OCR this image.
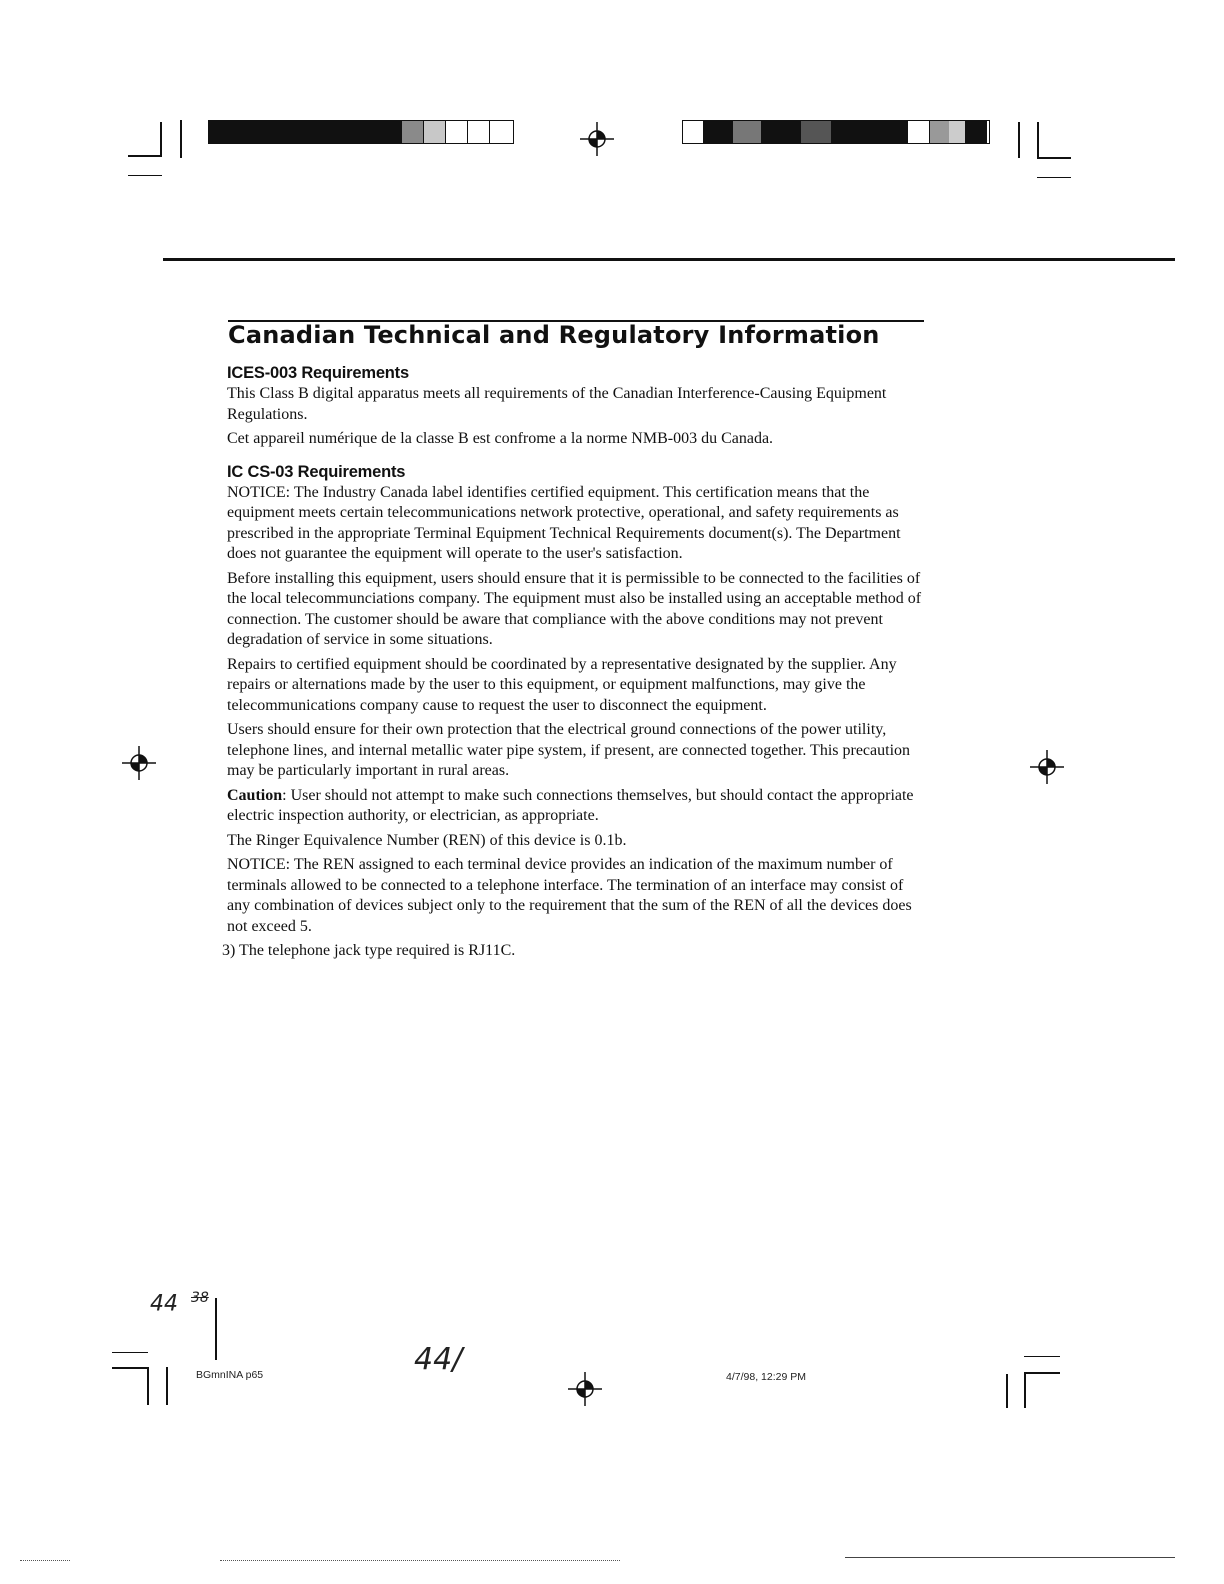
Canadian Technical and Regulatory Information
ICES-003 Requirements

This Class B digital apparatus meets all requirements of the Canadian Interference-Causing Equipment Regulations.

Cet appareil numérique de la classe B est confrome a la norme NMB-003 du Canada.

IC CS-03 Requirements

NOTICE: The Industry Canada label identifies certified equipment. This certification means that the equipment meets certain telecommunications network protective, operational, and safety requirements as prescribed in the appropriate Terminal Equipment Technical Requirements document(s). The Department does not guarantee the equipment will operate to the user's satisfaction.

Before installing this equipment, users should ensure that it is permissible to be connected to the facilities of the local telecommunciations company. The equipment must also be installed using an acceptable method of connection. The customer should be aware that compliance with the above conditions may not prevent degradation of service in some situations.

Repairs to certified equipment should be coordinated by a representative designated by the supplier. Any repairs or alternations made by the user to this equipment, or equipment malfunctions, may give the telecommunications company cause to request the user to disconnect the equipment.

Users should ensure for their own protection that the electrical ground connections of the power utility, telephone lines, and internal metallic water pipe system, if present, are connected together. This precaution may be particularly important in rural areas.

Caution: User should not attempt to make such connections themselves, but should contact the appropriate electric inspection authority, or electrician, as appropriate.

The Ringer Equivalence Number (REN) of this device is 0.1b.

NOTICE: The REN assigned to each terminal device provides an indication of the maximum number of terminals allowed to be connected to a telephone interface. The termination of an interface may consist of any combination of devices subject only to the requirement that the sum of the REN of all the devices does not exceed 5.

3) The telephone jack type required is RJ11C.

44 $^{38}$
44/
BGmnINA p65	4/7/98, 12:29 PM
